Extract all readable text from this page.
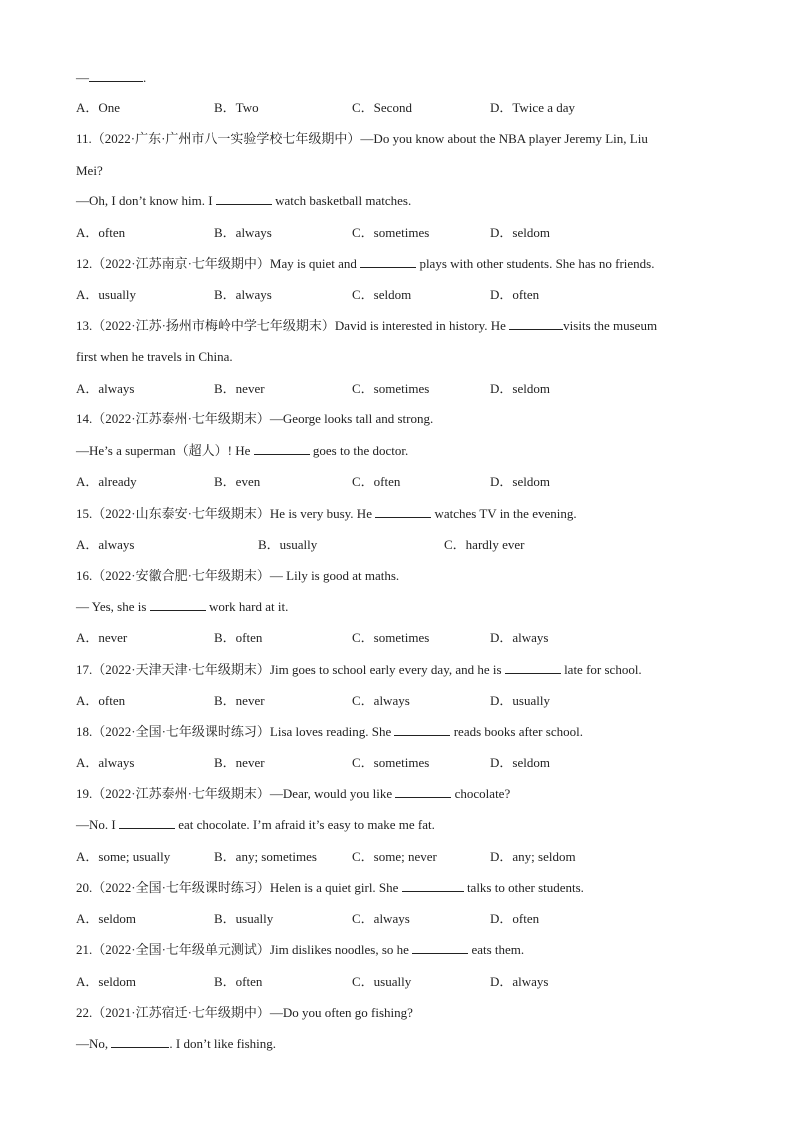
—	.
11.（2022·广东·广州市八一实验学校七年级期中）—Do you know about the NBA player Jeremy Lin, Liu
Mei?
—Oh, I don’t know him. I	watch basketball matches.
12.（2022·江苏南京·七年级期中）May is quiet and	plays with other students. She has no friends.
13.（2022·江苏·扬州市梅岭中学七年级期末）David is interested in history. He	visits the museum
first when he travels in China.
14.（2022·江苏泰州·七年级期末）—George looks tall and strong.
—He’s a superman（超人）! He	goes to the doctor.
15.（2022·山东泰安·七年级期末）He is very busy. He	watches TV in the evening.
16.（2022·安徽合肥·七年级期末）— Lily is good at maths.
— Yes, she is	work hard at it.
17.（2022·天津天津·七年级期末）Jim goes to school early every day, and he is	late for school.
18.（2022·全国·七年级课时练习）Lisa loves reading. She	reads books after school.
19.（2022·江苏泰州·七年级期末）—Dear, would you like	chocolate?
—No. I	eat chocolate. I’m afraid it’s easy to make me fat.
20.（2022·全国·七年级课时练习）Helen is a quiet girl. She	talks to other students.
21.（2022·全国·七年级单元测试）Jim dislikes noodles, so he	eats them.
22.（2021·江苏宿迁·七年级期中）—Do you often go fishing?
—No,	. I don’t like fishing.
A．One	B．Two	C．Second	D．Twice a day
A．often	B．always	C．sometimes	D．seldom
A．usually	B．always	C．seldom	D．often
A．always	B．never	C．sometimes	D．seldom
A．already	B．even	C．often	D．seldom
A．always	B．usually	C．hardly ever
A．never	B．often	C．sometimes	D．always
A．often	B．never	C．always	D．usually
A．always	B．never	C．sometimes	D．seldom
A．some; usually	B．any; sometimes	C．some; never	D．any; seldom
A．seldom	B．usually	C．always	D．often
A．seldom	B．often	C．usually	D．always
